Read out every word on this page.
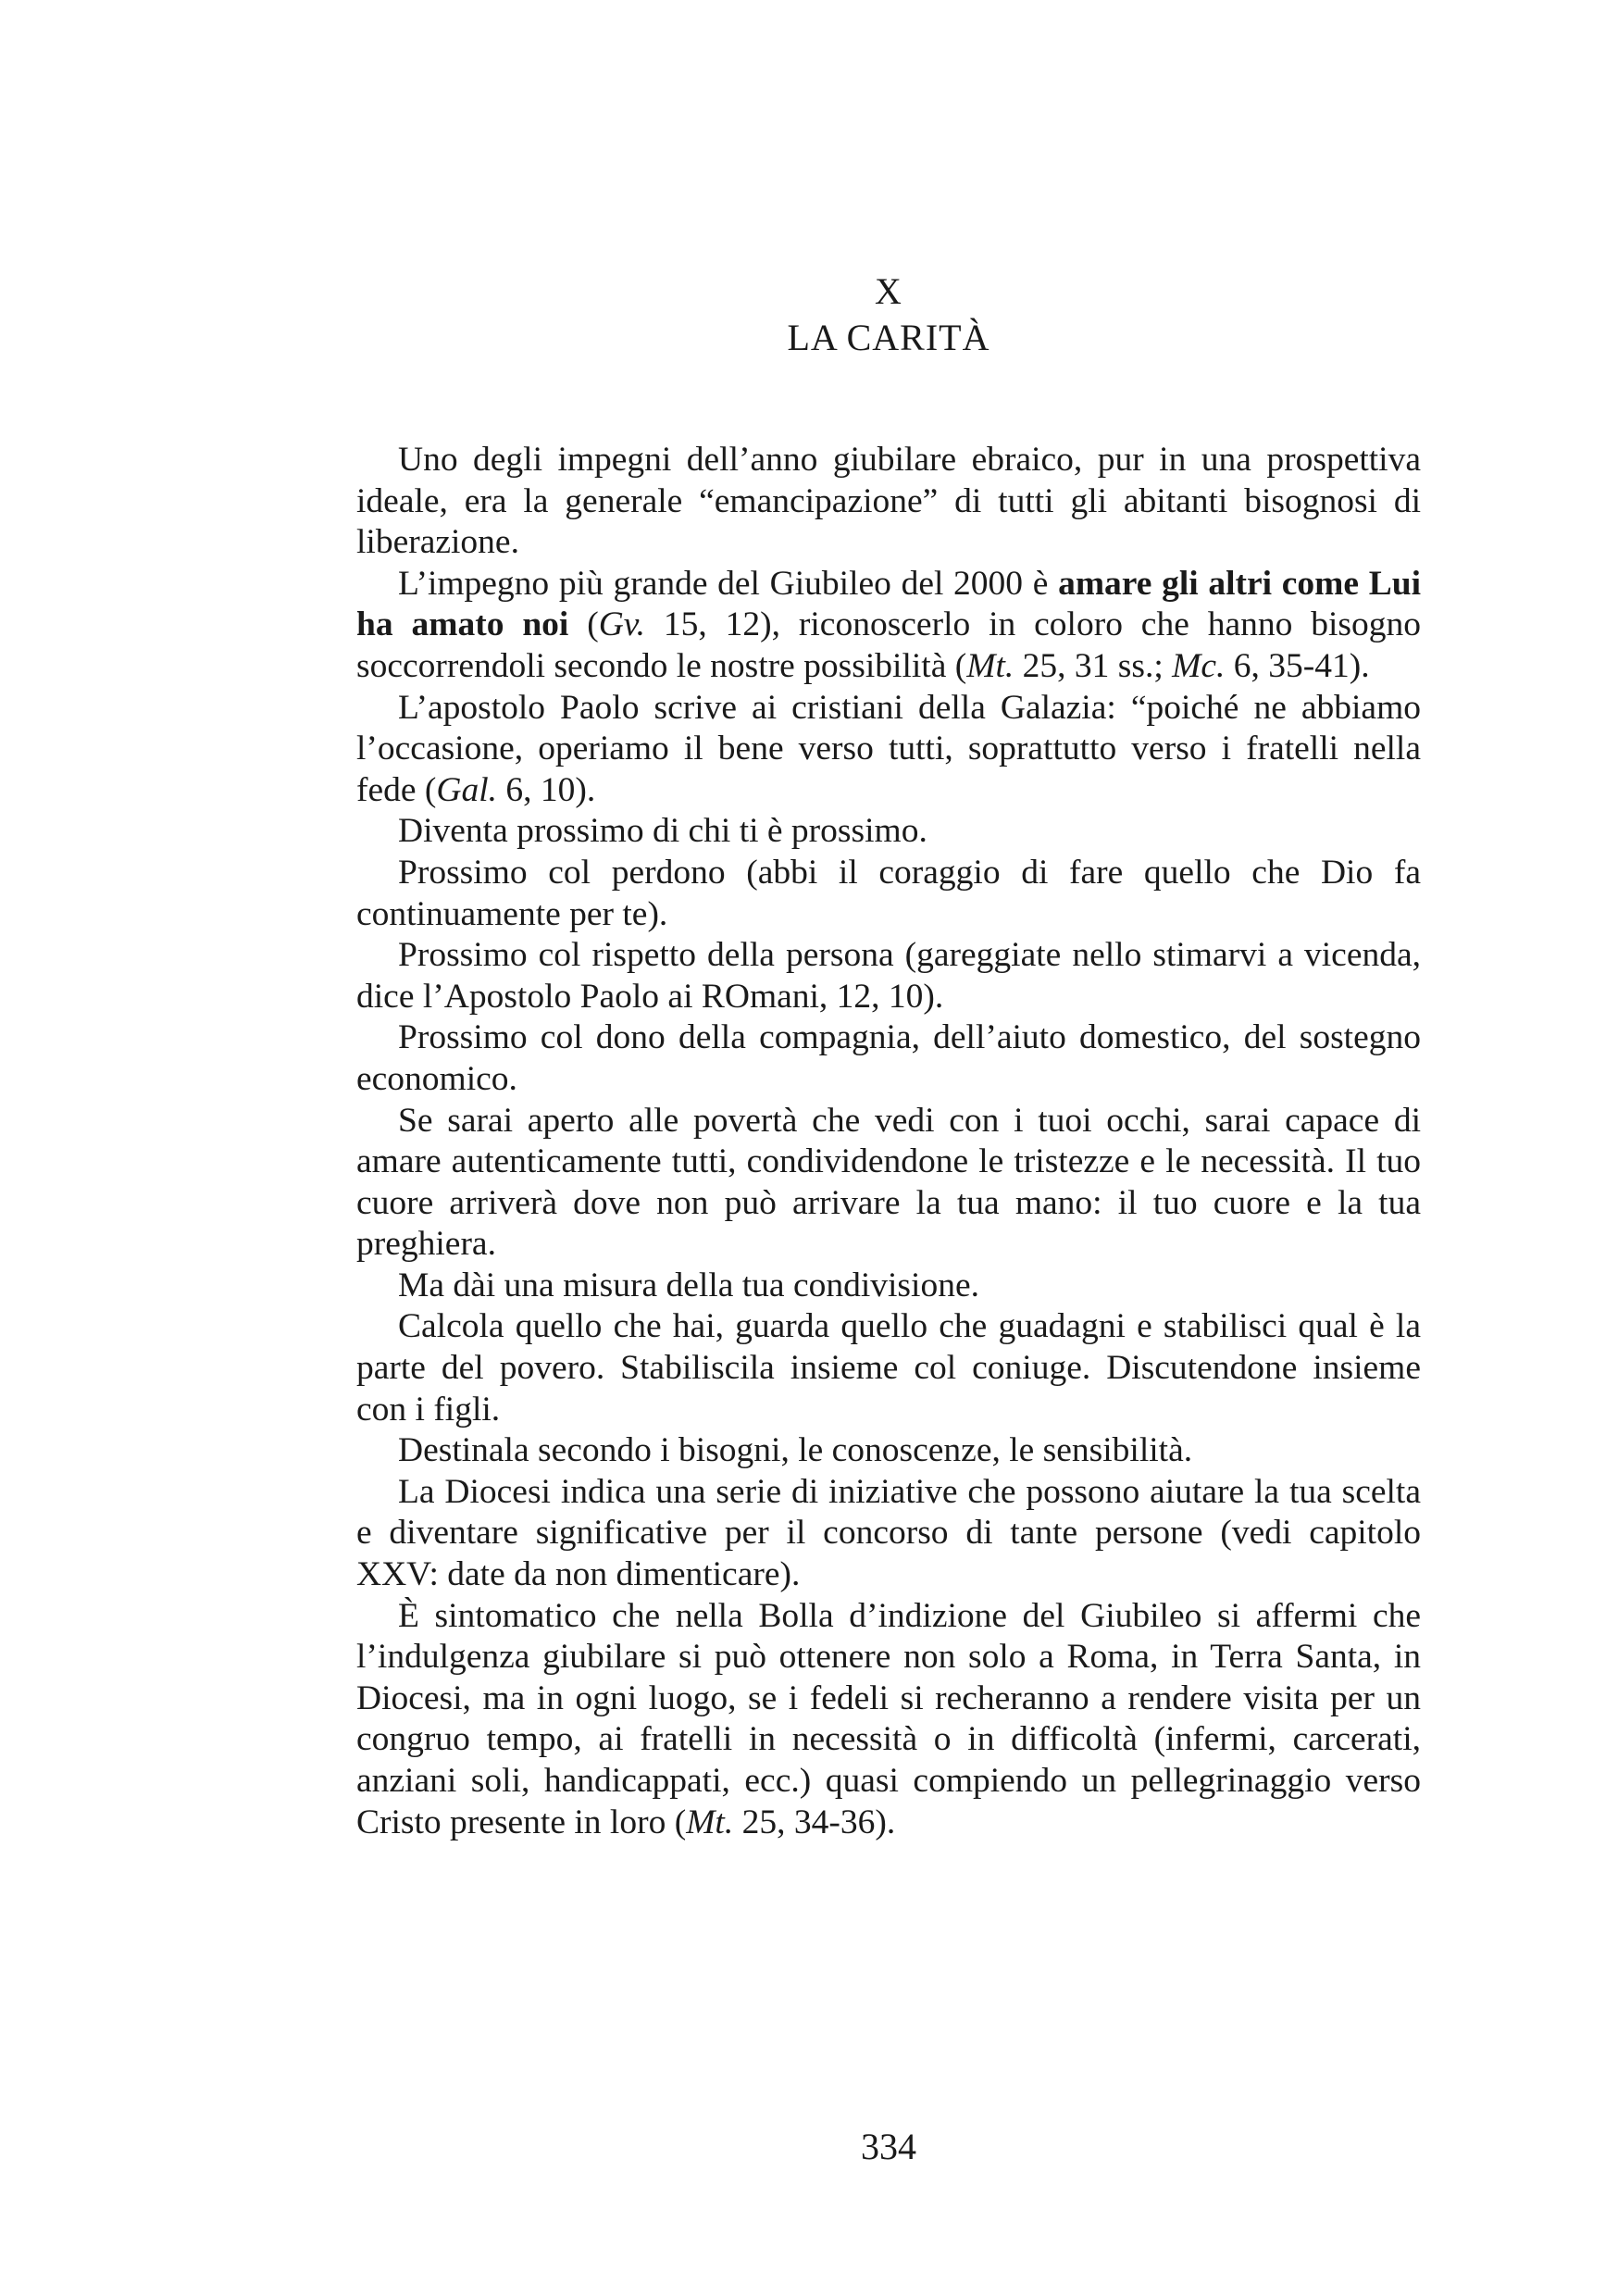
X
LA CARITÀ

Uno degli impegni dell’anno giubilare ebraico, pur in una prospettiva ideale, era la generale “emancipazione” di tutti gli abitanti bisognosi di liberazione.

L’impegno più grande del Giubileo del 2000 è amare gli altri come Lui ha amato noi (Gv. 15, 12), riconoscerlo in coloro che hanno bisogno soccorrendoli secondo le nostre possibilità (Mt. 25, 31 ss.; Mc. 6, 35-41).

L’apostolo Paolo scrive ai cristiani della Galazia: “poiché ne abbiamo l’occasione, operiamo il bene verso tutti, soprattutto verso i fratelli nella fede (Gal. 6, 10).

Diventa prossimo di chi ti è prossimo.

Prossimo col perdono (abbi il coraggio di fare quello che Dio fa continuamente per te).

Prossimo col rispetto della persona (gareggiate nello stimarvi a vicenda, dice l’Apostolo Paolo ai ROmani, 12, 10).

Prossimo col dono della compagnia, dell’aiuto domestico, del sostegno economico.

Se sarai aperto alle povertà che vedi con i tuoi occhi, sarai capace di amare autenticamente tutti, condividendone le tristezze e le necessità. Il tuo cuore arriverà dove non può arrivare la tua mano: il tuo cuore e la tua preghiera.

Ma dài una misura della tua condivisione.

Calcola quello che hai, guarda quello che guadagni e stabilisci qual è la parte del povero. Stabiliscila insieme col coniuge. Discutendone insieme con i figli.

Destinala secondo i bisogni, le conoscenze, le sensibilità.

La Diocesi indica una serie di iniziative che possono aiutare la tua scelta e diventare significative per il concorso di tante persone (vedi capitolo XXV: date da non dimenticare).

È sintomatico che nella Bolla d’indizione del Giubileo si affermi che l’indulgenza giubilare si può ottenere non solo a Roma, in Terra Santa, in Diocesi, ma in ogni luogo, se i fedeli si recheranno a rendere visita per un congruo tempo, ai fratelli in necessità o in difficoltà (infermi, carcerati, anziani soli, handicappati, ecc.) quasi compiendo un pellegrinaggio verso Cristo presente in loro (Mt. 25, 34-36).

334
